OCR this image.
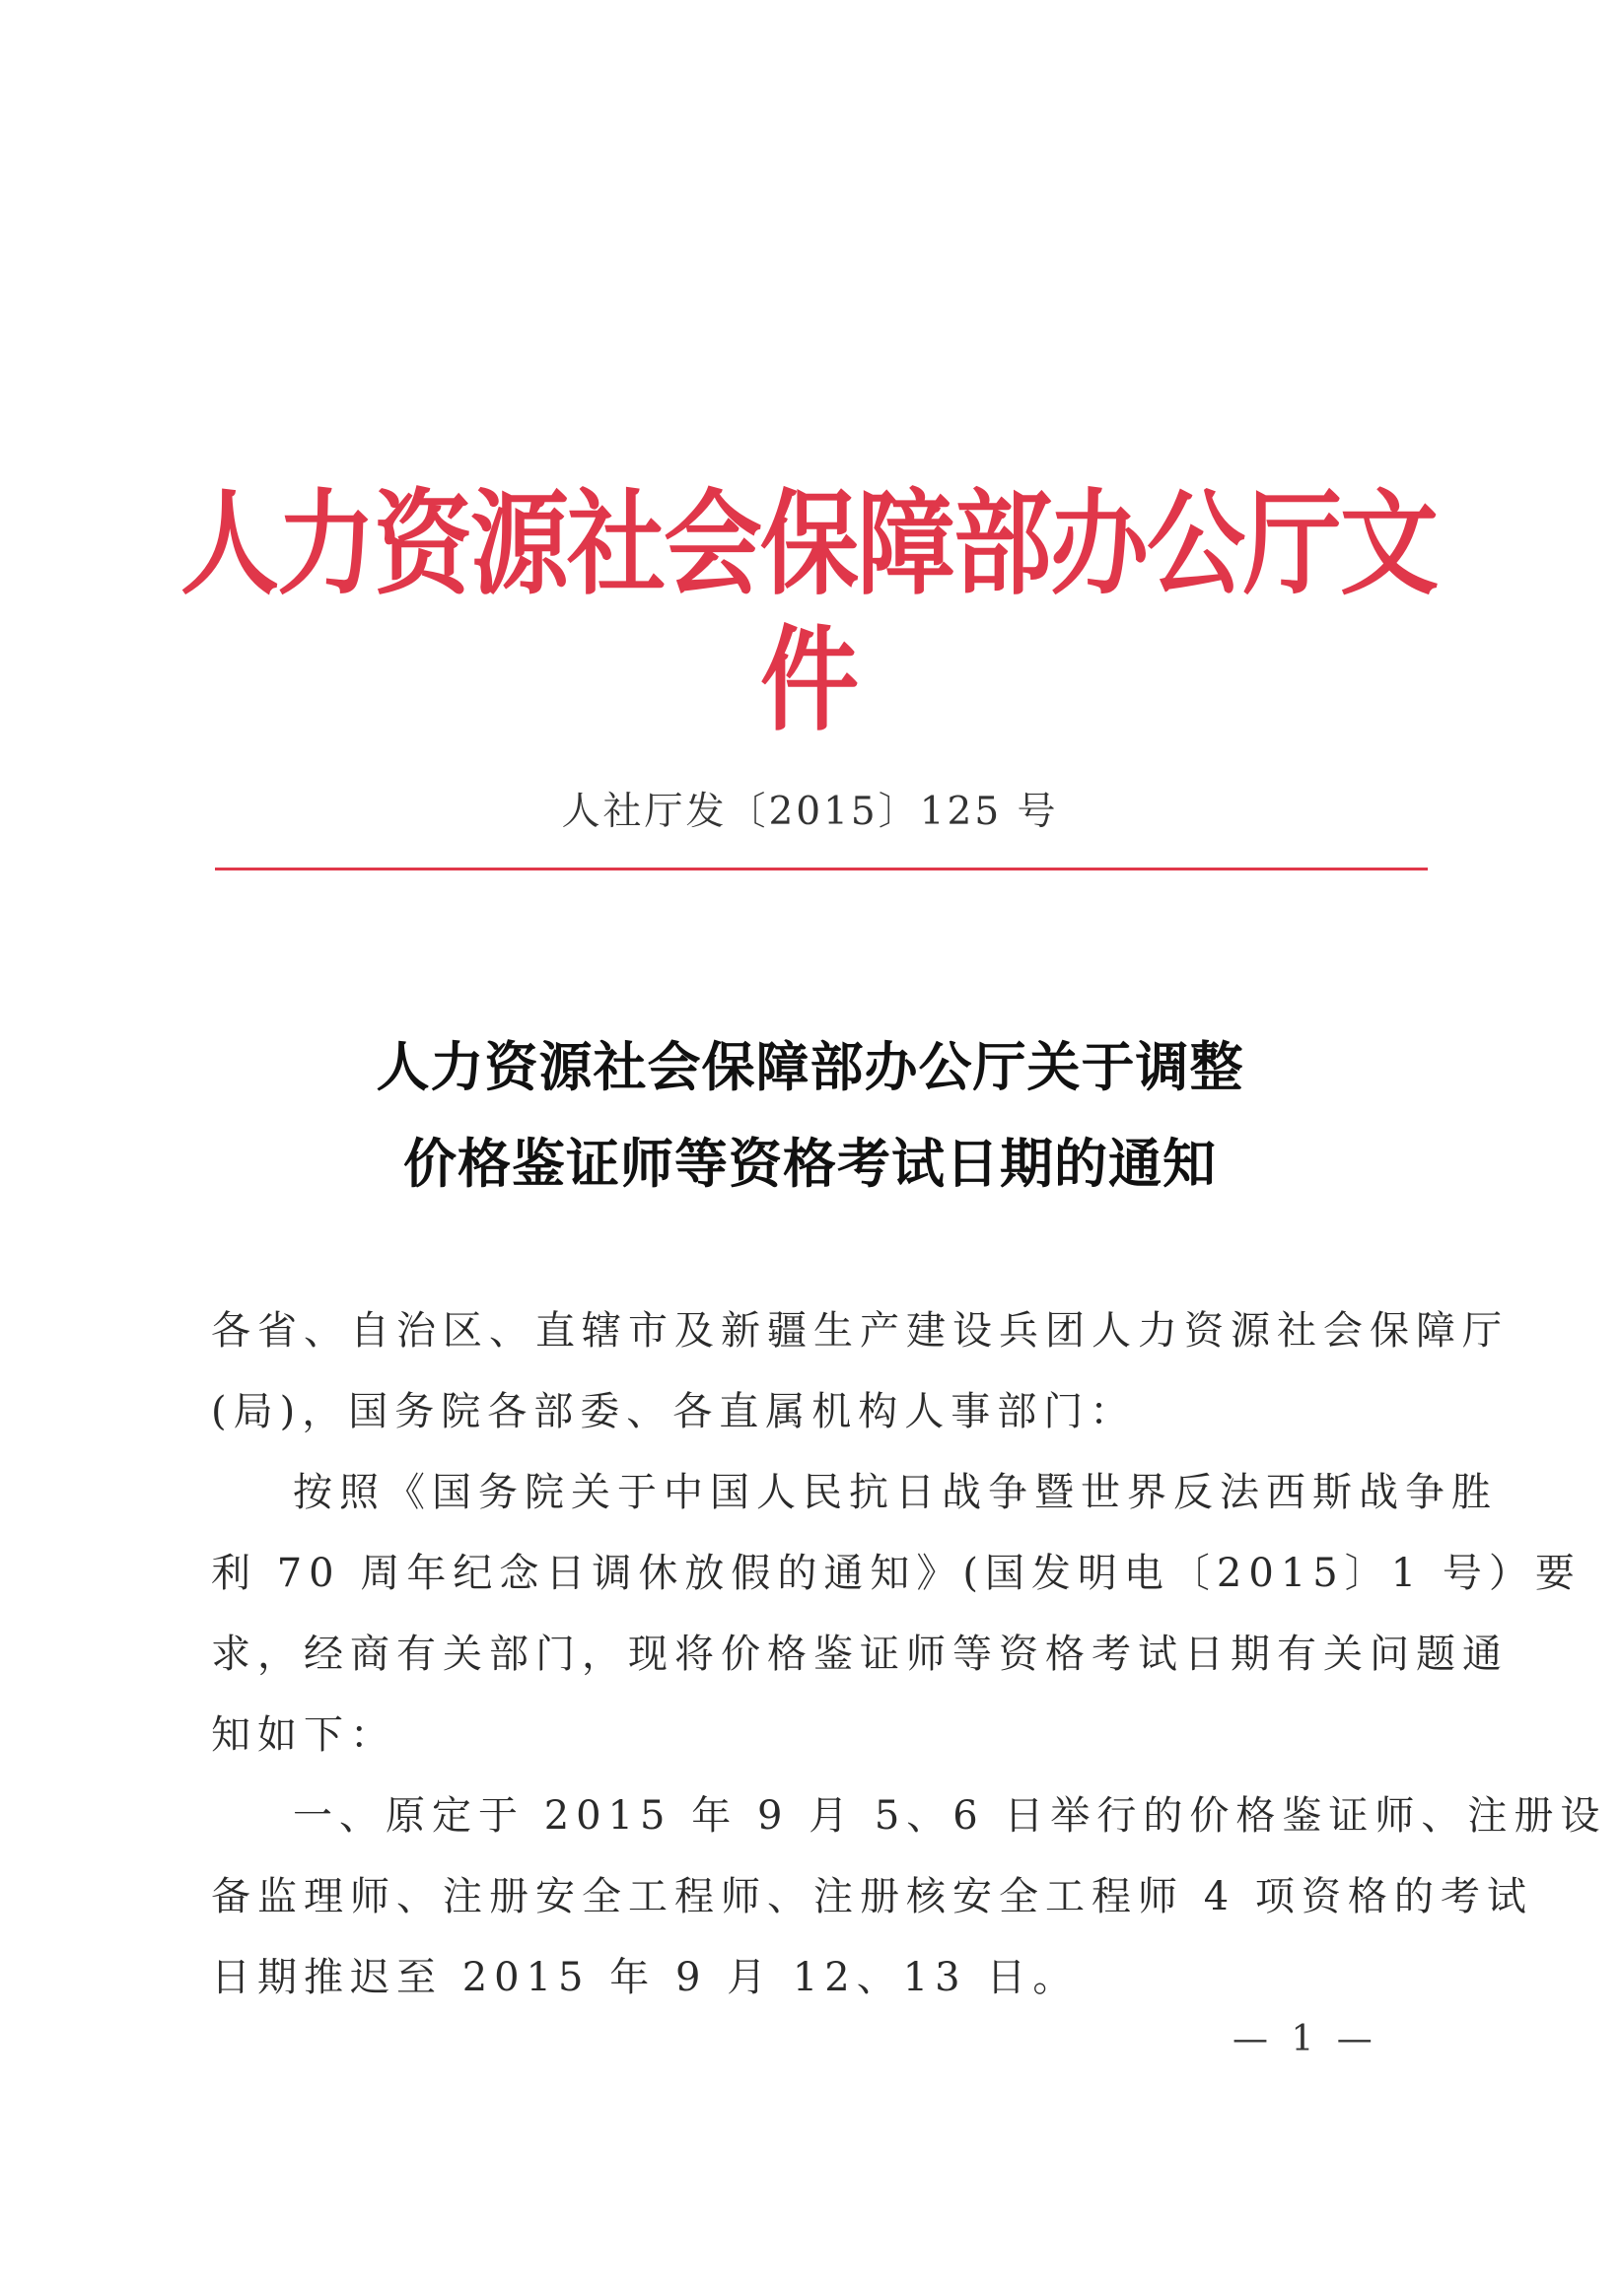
人力资源社会保障部办公厅文件
人社厅发〔2015〕125 号
人力资源社会保障部办公厅关于调整
价格鉴证师等资格考试日期的通知
各省、自治区、直辖市及新疆生产建设兵团人力资源社会保障厅
(局)，国务院各部委、各直属机构人事部门：
按照《国务院关于中国人民抗日战争暨世界反法西斯战争胜
利 70 周年纪念日调休放假的通知》(国发明电〔2015〕1 号）要
求，经商有关部门，现将价格鉴证师等资格考试日期有关问题通
知如下：
一、原定于 2015 年 9 月 5、6 日举行的价格鉴证师、注册设
备监理师、注册安全工程师、注册核安全工程师 4 项资格的考试
日期推迟至 2015 年 9 月 12、13 日。
— 1 —
